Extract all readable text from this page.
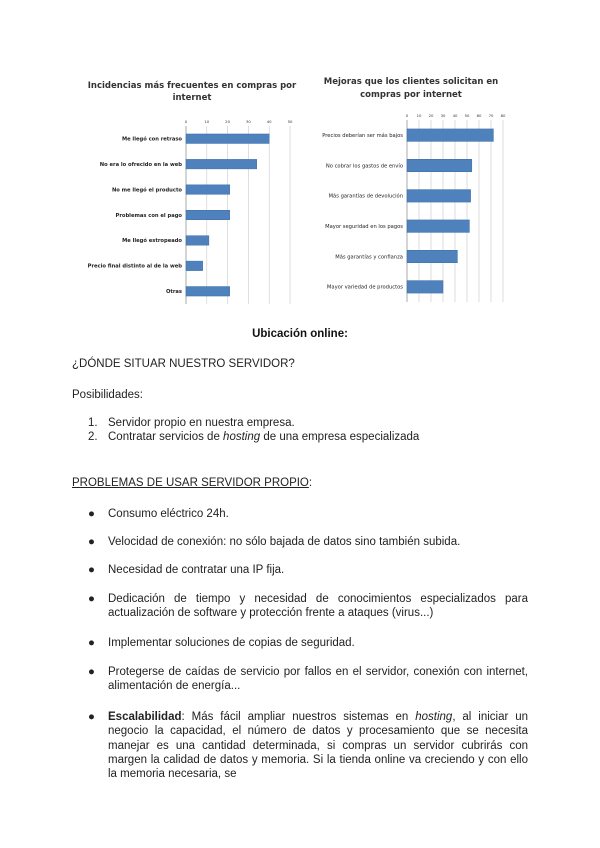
Incidencias más frecuentes en compras por
internet
0	10	20	30	40	50
Me llegó con retraso
No era lo ofrecido en la web
No me llegó el producto
Problemas con el pago
Me llegó estropeado
Precio final distinto al de la web
Otras
Mejoras que los clientes solicitan en
compras por internet
0 10 20 30 40 50 60 70 80
Precios deberían ser más bajos
No cobrar los gastos de envío
Más garantías de devolución
Mayor seguridad en los pagos
Más garantías y confianza
Mayor variedad de productos
Ubicación online:

¿DÓNDE SITUAR NUESTRO SERVIDOR?

Posibilidades:

1. Servidor propio en nuestra empresa.
2. Contratar servicios de hosting de una empresa especializada

PROBLEMAS DE USAR SERVIDOR PROPIO:

●	Consumo eléctrico 24h.
●	Velocidad de conexión: no sólo bajada de datos sino también subida.
●	Necesidad de contratar una IP fija.
●	Dedicación de tiempo y necesidad de conocimientos especializados para actualización de software y protección frente a ataques (virus...)
●	Implementar soluciones de copias de seguridad.
●	Protegerse de caídas de servicio por fallos en el servidor, conexión con internet, alimentación de energía...
●	Escalabilidad: Más fácil ampliar nuestros sistemas en hosting, al iniciar un negocio la capacidad, el número de datos y procesamiento que se necesita manejar es una cantidad determinada, si compras un servidor cubrirás con margen la calidad de datos y memoria. Si la tienda online va creciendo y con ello la memoria necesaria, se
